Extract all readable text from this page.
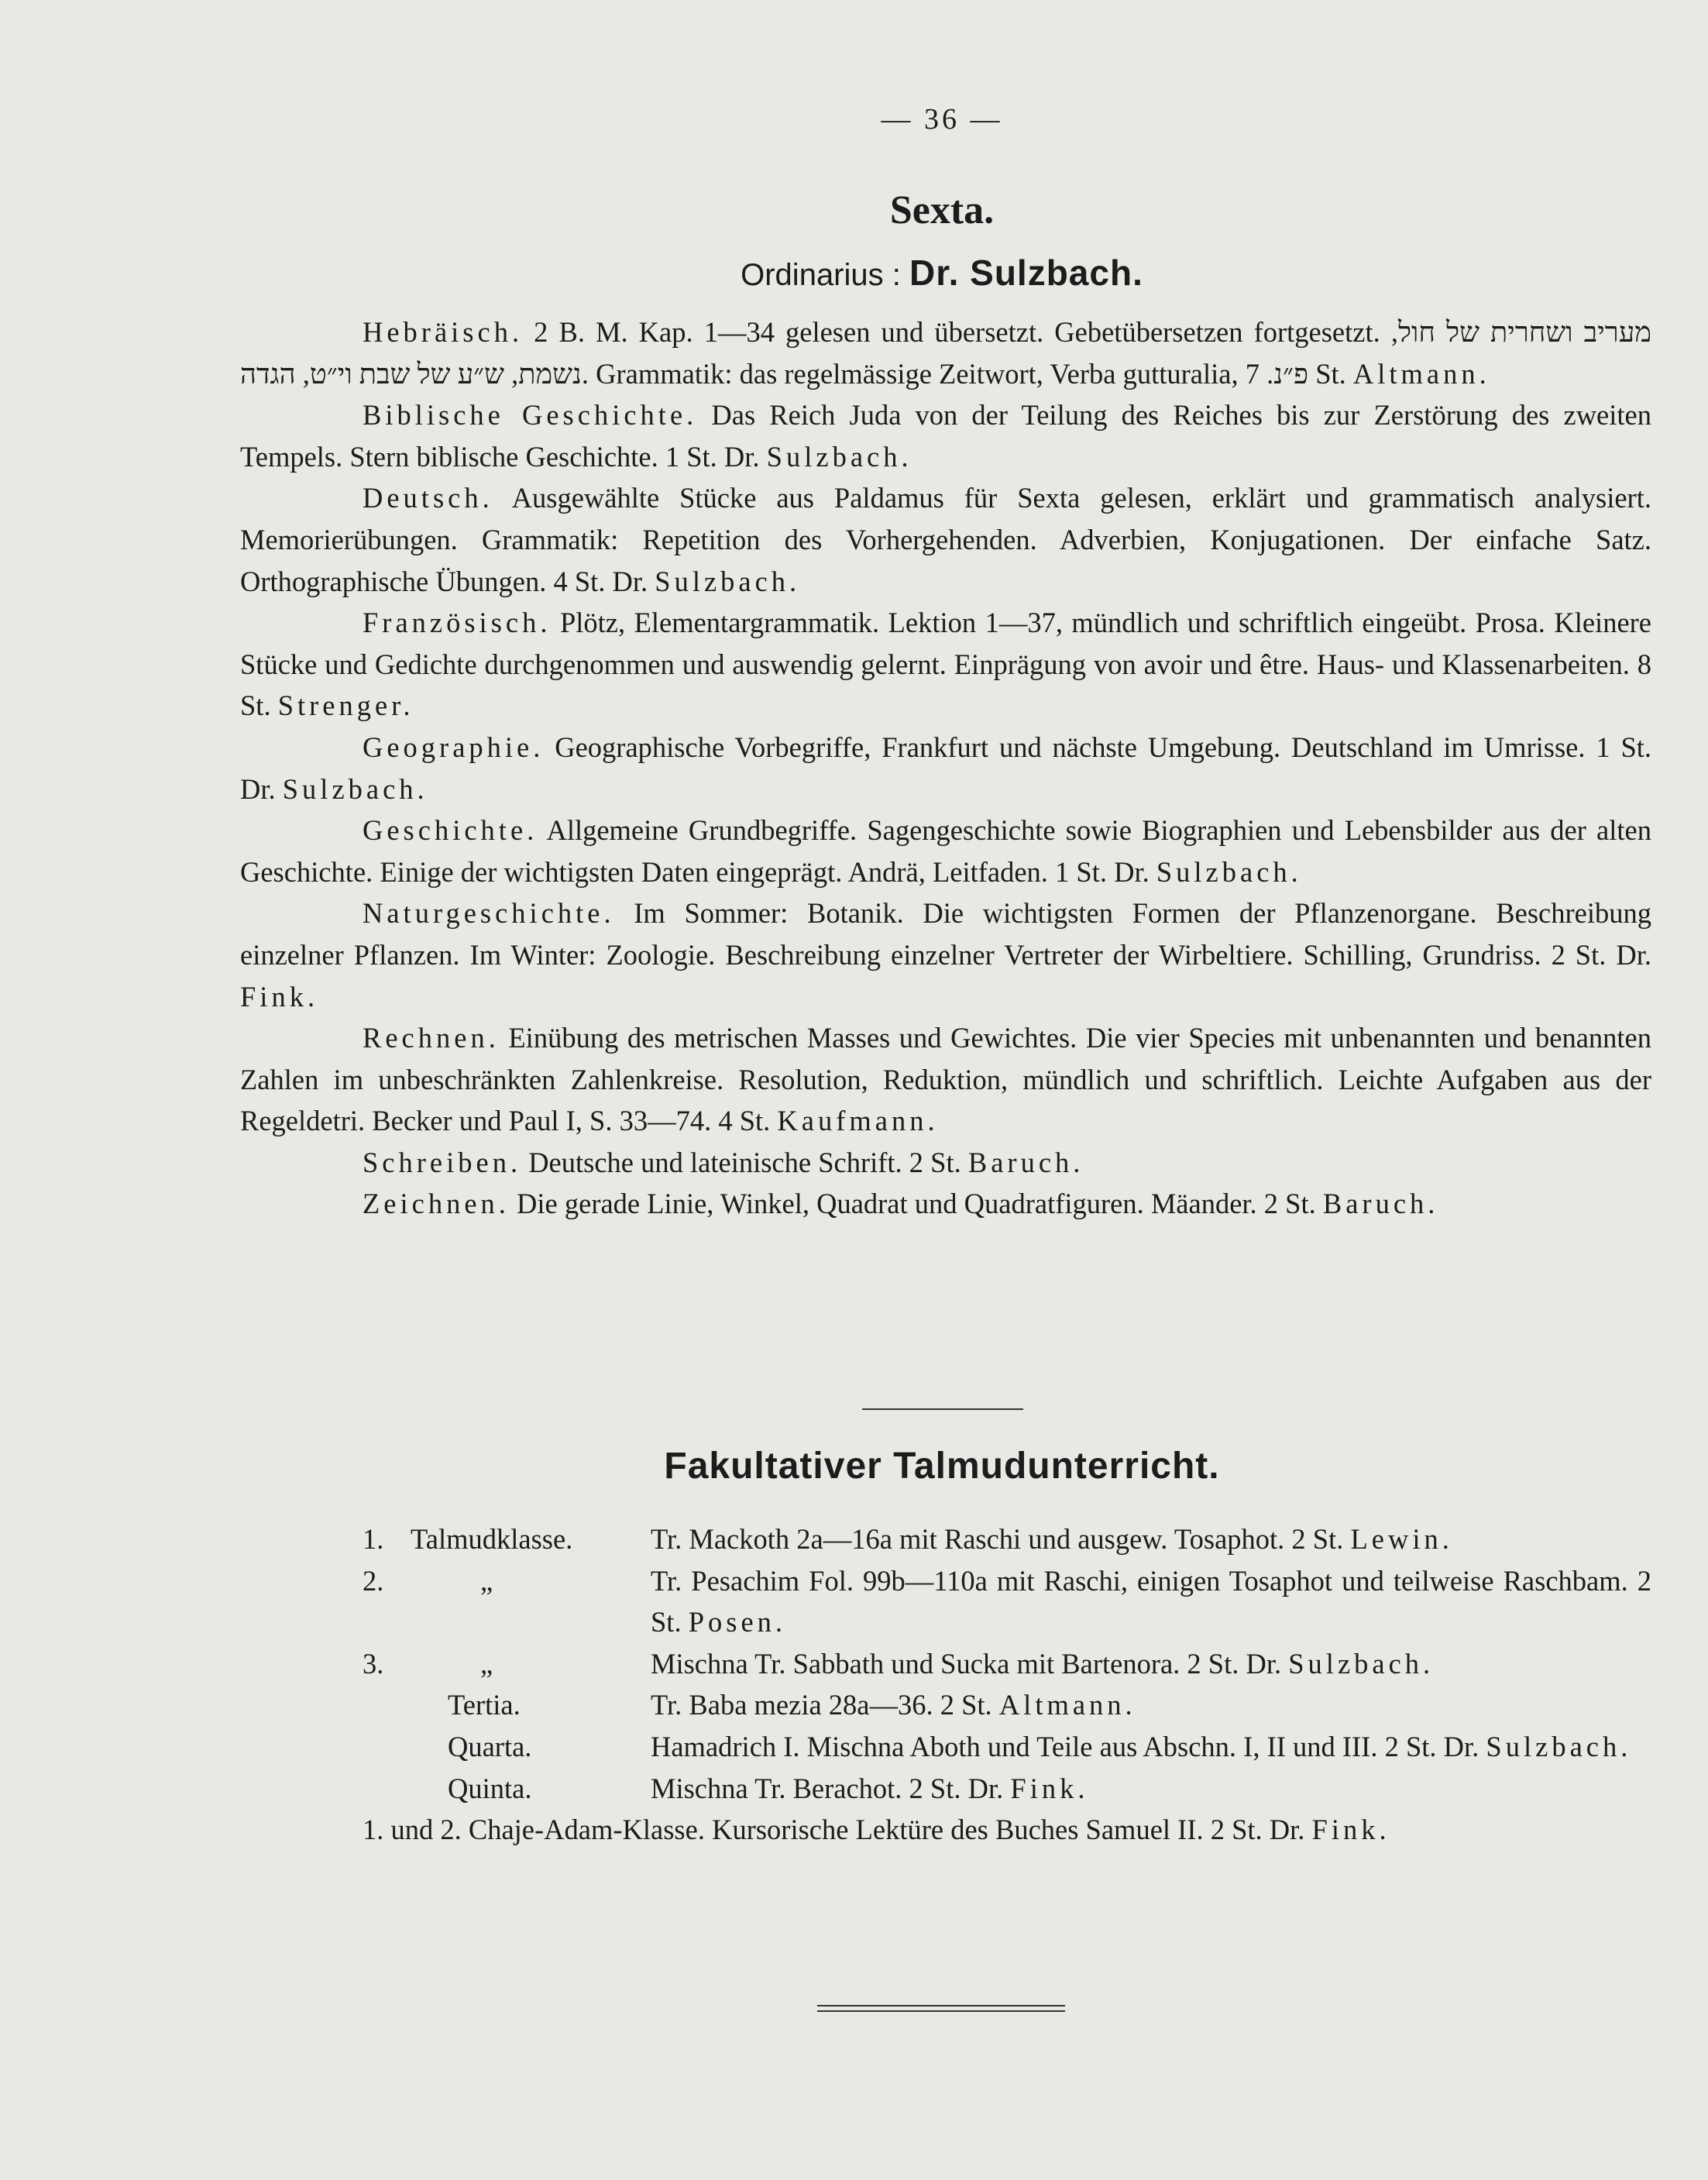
— 36 —
Sexta.
Ordinarius : Dr. Sulzbach.

Hebräisch. 2 B. M. Kap. 1—34 gelesen und übersetzt. Gebetübersetzen fortgesetzt. מעריב ושחרית של חול, נשמת, ש״ע של שבת וי״ט, הגדה. Grammatik: das regelmässige Zeitwort, Verba gutturalia, פ״נ. 7 St. Altmann.

Biblische Geschichte. Das Reich Juda von der Teilung des Reiches bis zur Zerstörung des zweiten Tempels. Stern biblische Geschichte. 1 St. Dr. Sulzbach.

Deutsch. Ausgewählte Stücke aus Paldamus für Sexta gelesen, erklärt und grammatisch analysiert. Memorierübungen. Grammatik: Repetition des Vorhergehenden. Adverbien, Konjugationen. Der einfache Satz. Orthographische Übungen. 4 St. Dr. Sulzbach.

Französisch. Plötz, Elementargrammatik. Lektion 1—37, mündlich und schriftlich eingeübt. Prosa. Kleinere Stücke und Gedichte durchgenommen und auswendig gelernt. Einprägung von avoir und être. Haus- und Klassenarbeiten. 8 St. Strenger.

Geographie. Geographische Vorbegriffe, Frankfurt und nächste Umgebung. Deutschland im Umrisse. 1 St. Dr. Sulzbach.

Geschichte. Allgemeine Grundbegriffe. Sagengeschichte sowie Biographien und Lebensbilder aus der alten Geschichte. Einige der wichtigsten Daten eingeprägt. Andrä, Leitfaden. 1 St. Dr. Sulzbach.

Naturgeschichte. Im Sommer: Botanik. Die wichtigsten Formen der Pflanzenorgane. Beschreibung einzelner Pflanzen. Im Winter: Zoologie. Beschreibung einzelner Vertreter der Wirbeltiere. Schilling, Grundriss. 2 St. Dr. Fink.

Rechnen. Einübung des metrischen Masses und Gewichtes. Die vier Species mit unbenannten und benannten Zahlen im unbeschränkten Zahlenkreise. Resolution, Reduktion, mündlich und schriftlich. Leichte Aufgaben aus der Regeldetri. Becker und Paul I, S. 33—74. 4 St. Kaufmann.

Schreiben. Deutsche und lateinische Schrift. 2 St. Baruch.

Zeichnen. Die gerade Linie, Winkel, Quadrat und Quadratfiguren. Mäander. 2 St. Baruch.

Fakultativer Talmudunterricht.
1. Talmudklasse.	Tr. Mackoth 2a—16a mit Raschi und ausgew. Tosaphot. 2 St. Lewin.
2.	„	Tr. Pesachim Fol. 99b—110a mit Raschi, einigen Tosaphot und teilweise Raschbam. 2 St. Posen.
3.	„	Mischna Tr. Sabbath und Sucka mit Bartenora. 2 St. Dr. Sulzbach.
Tertia.	Tr. Baba mezia 28a—36. 2 St. Altmann.
Quarta.	Hamadrich I. Mischna Aboth und Teile aus Abschn. I, II und III. 2 St. Dr. Sulzbach.
Quinta.	Mischna Tr. Berachot. 2 St. Dr. Fink.

1. und 2. Chaje-Adam-Klasse. Kursorische Lektüre des Buches Samuel II. 2 St. Dr. Fink.
